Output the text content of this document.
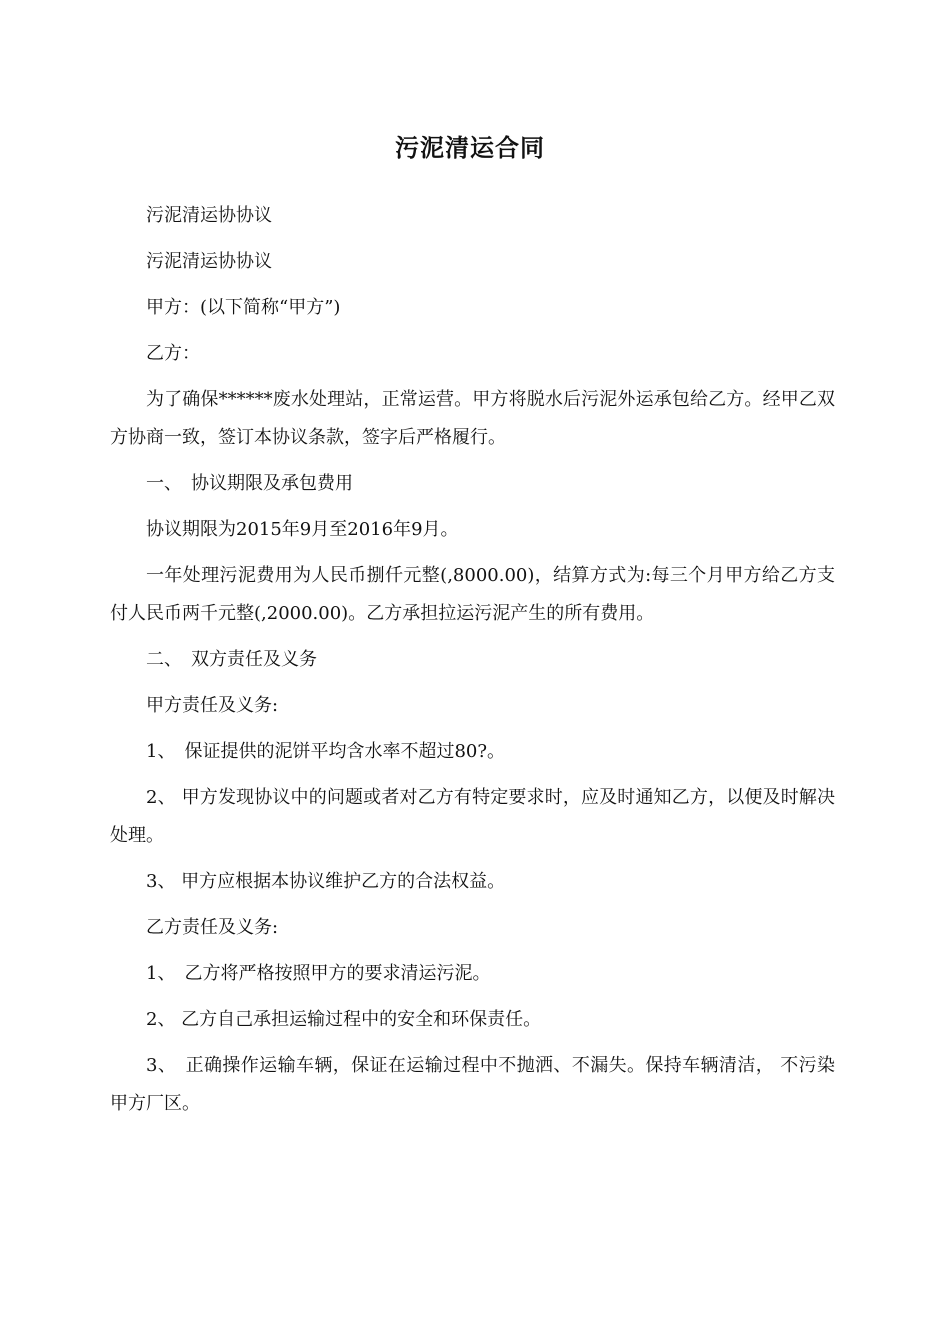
污泥清运合同

污泥清运协协议

污泥清运协协议

甲方：(以下简称“甲方”)

乙方：

为了确保******废水处理站，正常运营。甲方将脱水后污泥外运承包给乙方。经甲乙双方协商一致，签订本协议条款，签字后严格履行。

一、　协议期限及承包费用

协议期限为2015年9月至2016年9月。

一年处理污泥费用为人民币捌仟元整(,8000.00)，结算方式为:每三个月甲方给乙方支付人民币两千元整(,2000.00)。乙方承担拉运污泥产生的所有费用。

二、　双方责任及义务

甲方责任及义务:

1、　保证提供的泥饼平均含水率不超过80?。

2、 甲方发现协议中的问题或者对乙方有特定要求时，应及时通知乙方，以便及时解决处理。

3、 甲方应根据本协议维护乙方的合法权益。

乙方责任及义务:

1、　乙方将严格按照甲方的要求清运污泥。

2、 乙方自己承担运输过程中的安全和环保责任。

3、　正确操作运输车辆，保证在运输过程中不抛洒、不漏失。保持车辆清洁， 不污染甲方厂区。
